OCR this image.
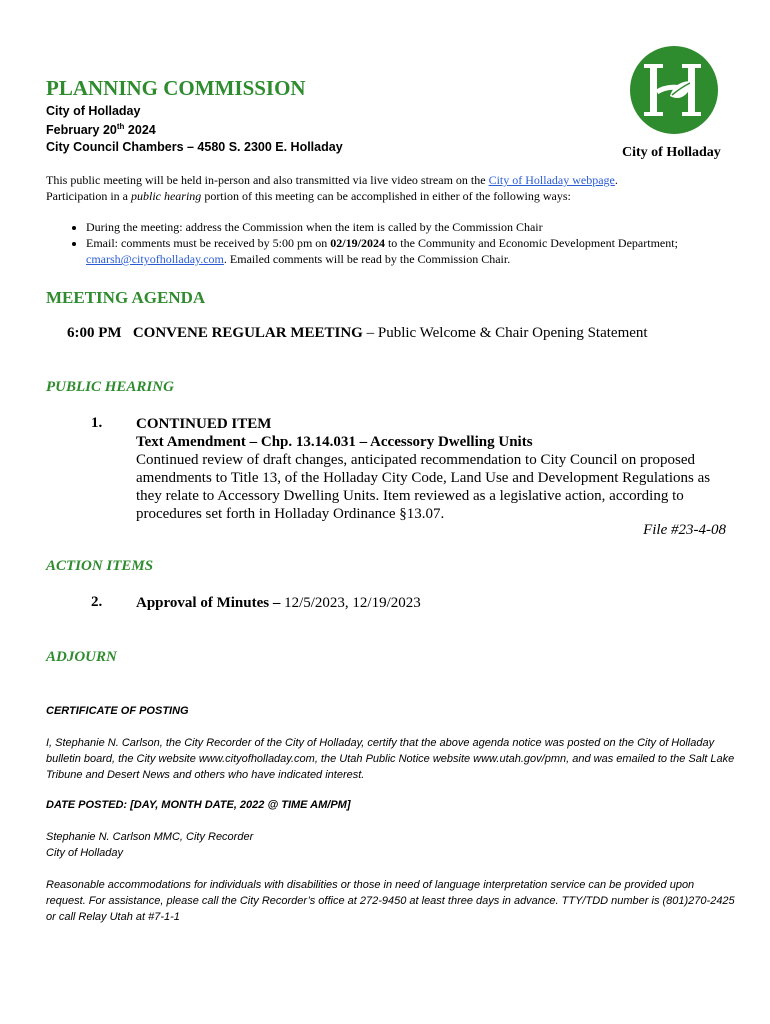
PLANNING COMMISSION
City of Holladay
February 20th 2024
City Council Chambers – 4580 S. 2300 E. Holladay	City of Holladay
This public meeting will be held in-person and also transmitted via live video stream on the City of Holladay webpage.
Participation in a public hearing portion of this meeting can be accomplished in either of the following ways:
• During the meeting: address the Commission when the item is called by the Commission Chair
• Email: comments must be received by 5:00 pm on 02/19/2024 to the Community and Economic Development Department; cmarsh@cityofholladay.com. Emailed comments will be read by the Commission Chair.
MEETING AGENDA
6:00 PM CONVENE REGULAR MEETING – Public Welcome & Chair Opening Statement
PUBLIC HEARING
1. CONTINUED ITEM
Text Amendment – Chp. 13.14.031 – Accessory Dwelling Units
Continued review of draft changes, anticipated recommendation to City Council on proposed amendments to Title 13, of the Holladay City Code, Land Use and Development Regulations as they relate to Accessory Dwelling Units. Item reviewed as a legislative action, according to procedures set forth in Holladay Ordinance §13.07.
File #23-4-08
ACTION ITEMS
2. Approval of Minutes – 12/5/2023, 12/19/2023
ADJOURN
CERTIFICATE OF POSTING
I, Stephanie N. Carlson, the City Recorder of the City of Holladay, certify that the above agenda notice was posted on the City of Holladay bulletin board, the City website www.cityofholladay.com, the Utah Public Notice website www.utah.gov/pmn, and was emailed to the Salt Lake Tribune and Desert News and others who have indicated interest.
DATE POSTED: [DAY, MONTH DATE, 2022 @ TIME AM/PM]
Stephanie N. Carlson MMC, City Recorder
City of Holladay
Reasonable accommodations for individuals with disabilities or those in need of language interpretation service can be provided upon request. For assistance, please call the City Recorder’s office at 272-9450 at least three days in advance. TTY/TDD number is (801)270-2425 or call Relay Utah at #7-1-1
